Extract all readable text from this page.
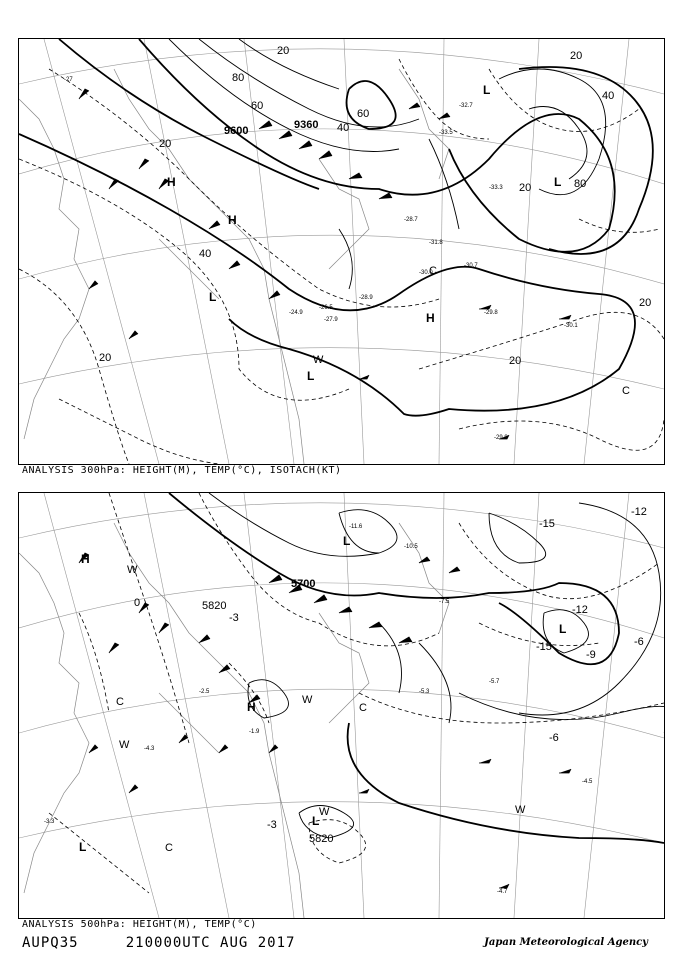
9360
9600
20
80
60
40
60
20
40
20
40
80
20
20
20
20
-27
-29.8
-30.1
-24.9
-26.5
-27.9
-29.9
-30.0
-28.9
-31.8
-33.5
-33.3
-32.7
-28.7
-30.7
H
H
H
L
L
L
L
C
W
C
ANALYSIS 300hPa: HEIGHT(M), TEMP(°C), ISOTACH(KT)
5700
5820
5820
-12
-15
-12
-9
-6
-3
0
-3
-6
-15
-10.5
-11.6
-7.5
-5.7
-5.3
-4.3
-2.5
-1.9
-4.5
-4.7
-3.3
H
H
L
L
L
L
W
W
W
W
W
C
C
C
ANALYSIS 500hPa: HEIGHT(M), TEMP(°C)
AUPQ35	210000UTC AUG 2017	Japan Meteorological Agency
